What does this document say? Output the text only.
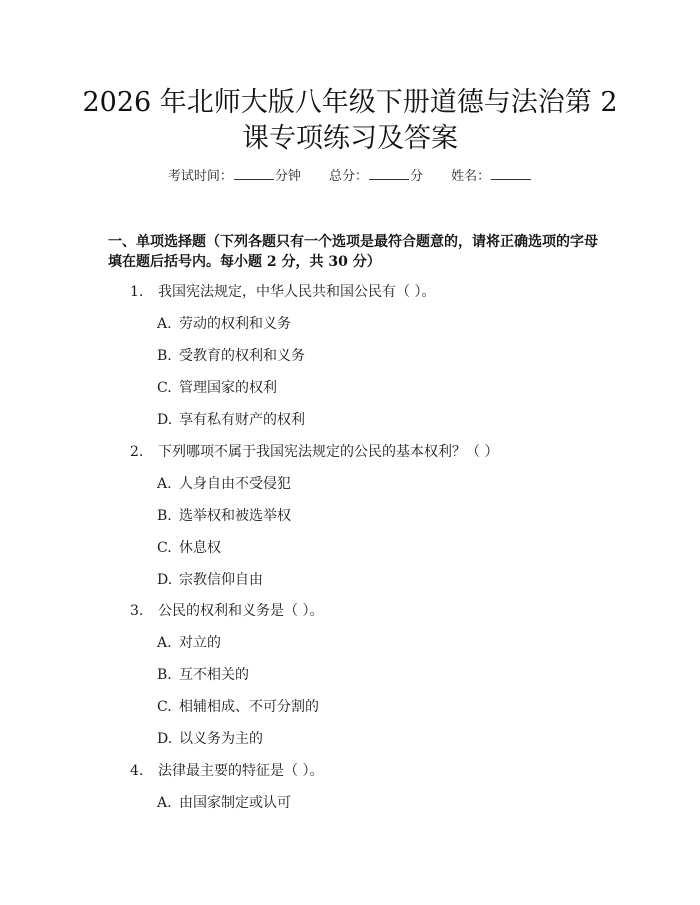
2026 年北师大版八年级下册道德与法治第 2
课专项练习及答案
考试时间：	分钟 总分：	分 姓名：
一、单项选择题（下列各题只有一个选项是最符合题意的，请将正确选项的字母填在题后括号内。每小题 2 分，共 30 分）
1. 我国宪法规定，中华人民共和国公民有（ ）。
A. 劳动的权利和义务
B. 受教育的权利和义务
C. 管理国家的权利
D. 享有私有财产的权利
2. 下列哪项不属于我国宪法规定的公民的基本权利？（ ）
A. 人身自由不受侵犯
B. 选举权和被选举权
C. 休息权
D. 宗教信仰自由
3. 公民的权利和义务是（ ）。
A. 对立的
B. 互不相关的
C. 相辅相成、不可分割的
D. 以义务为主的
4. 法律最主要的特征是（ ）。
A. 由国家制定或认可
